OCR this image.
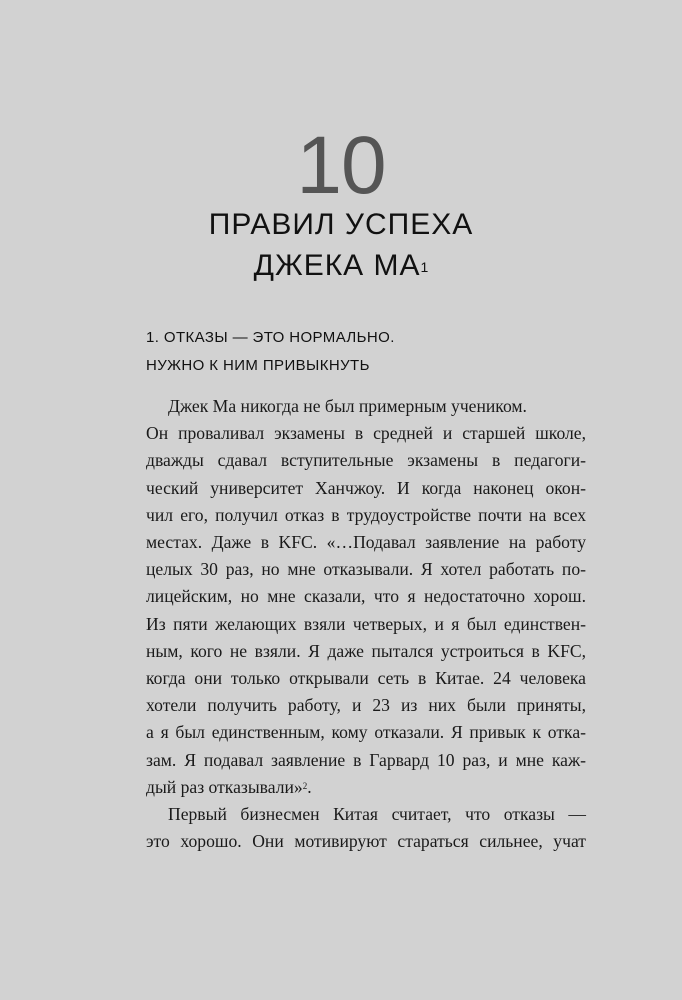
10
ПРАВИЛ УСПЕХА
ДЖЕКА $МА^1$
1. ОТКАЗЫ — ЭТО НОРМАЛЬНО.
НУЖНО К НИМ ПРИВЫКНУТЬ
Джек Ма никогда не был примерным учеником.
Он проваливал экзамены в средней и старшей школе,
дважды сдавал вступительные экзамены в педагоги-
ческий университет Ханчжоу. И когда наконец окон-
чил его, получил отказ в трудоустройстве почти на всех
местах. Даже в KFC. «…Подавал заявление на работу
целых 30 раз, но мне отказывали. Я хотел работать по-
лицейским, но мне сказали, что я недостаточно хорош.
Из пяти желающих взяли четверых, и я был единствен-
ным, кого не взяли. Я даже пытался устроиться в KFC,
когда они только открывали сеть в Китае. 24 человека
хотели получить работу, и 23 из них были приняты,
а я был единственным, кому отказали. Я привык к отка-
зам. Я подавал заявление в Гарвард 10 раз, и мне каж-
дый раз отказывали»$^2$.
Первый бизнесмен Китая считает, что отказы —
это хорошо. Они мотивируют стараться сильнее, учат
